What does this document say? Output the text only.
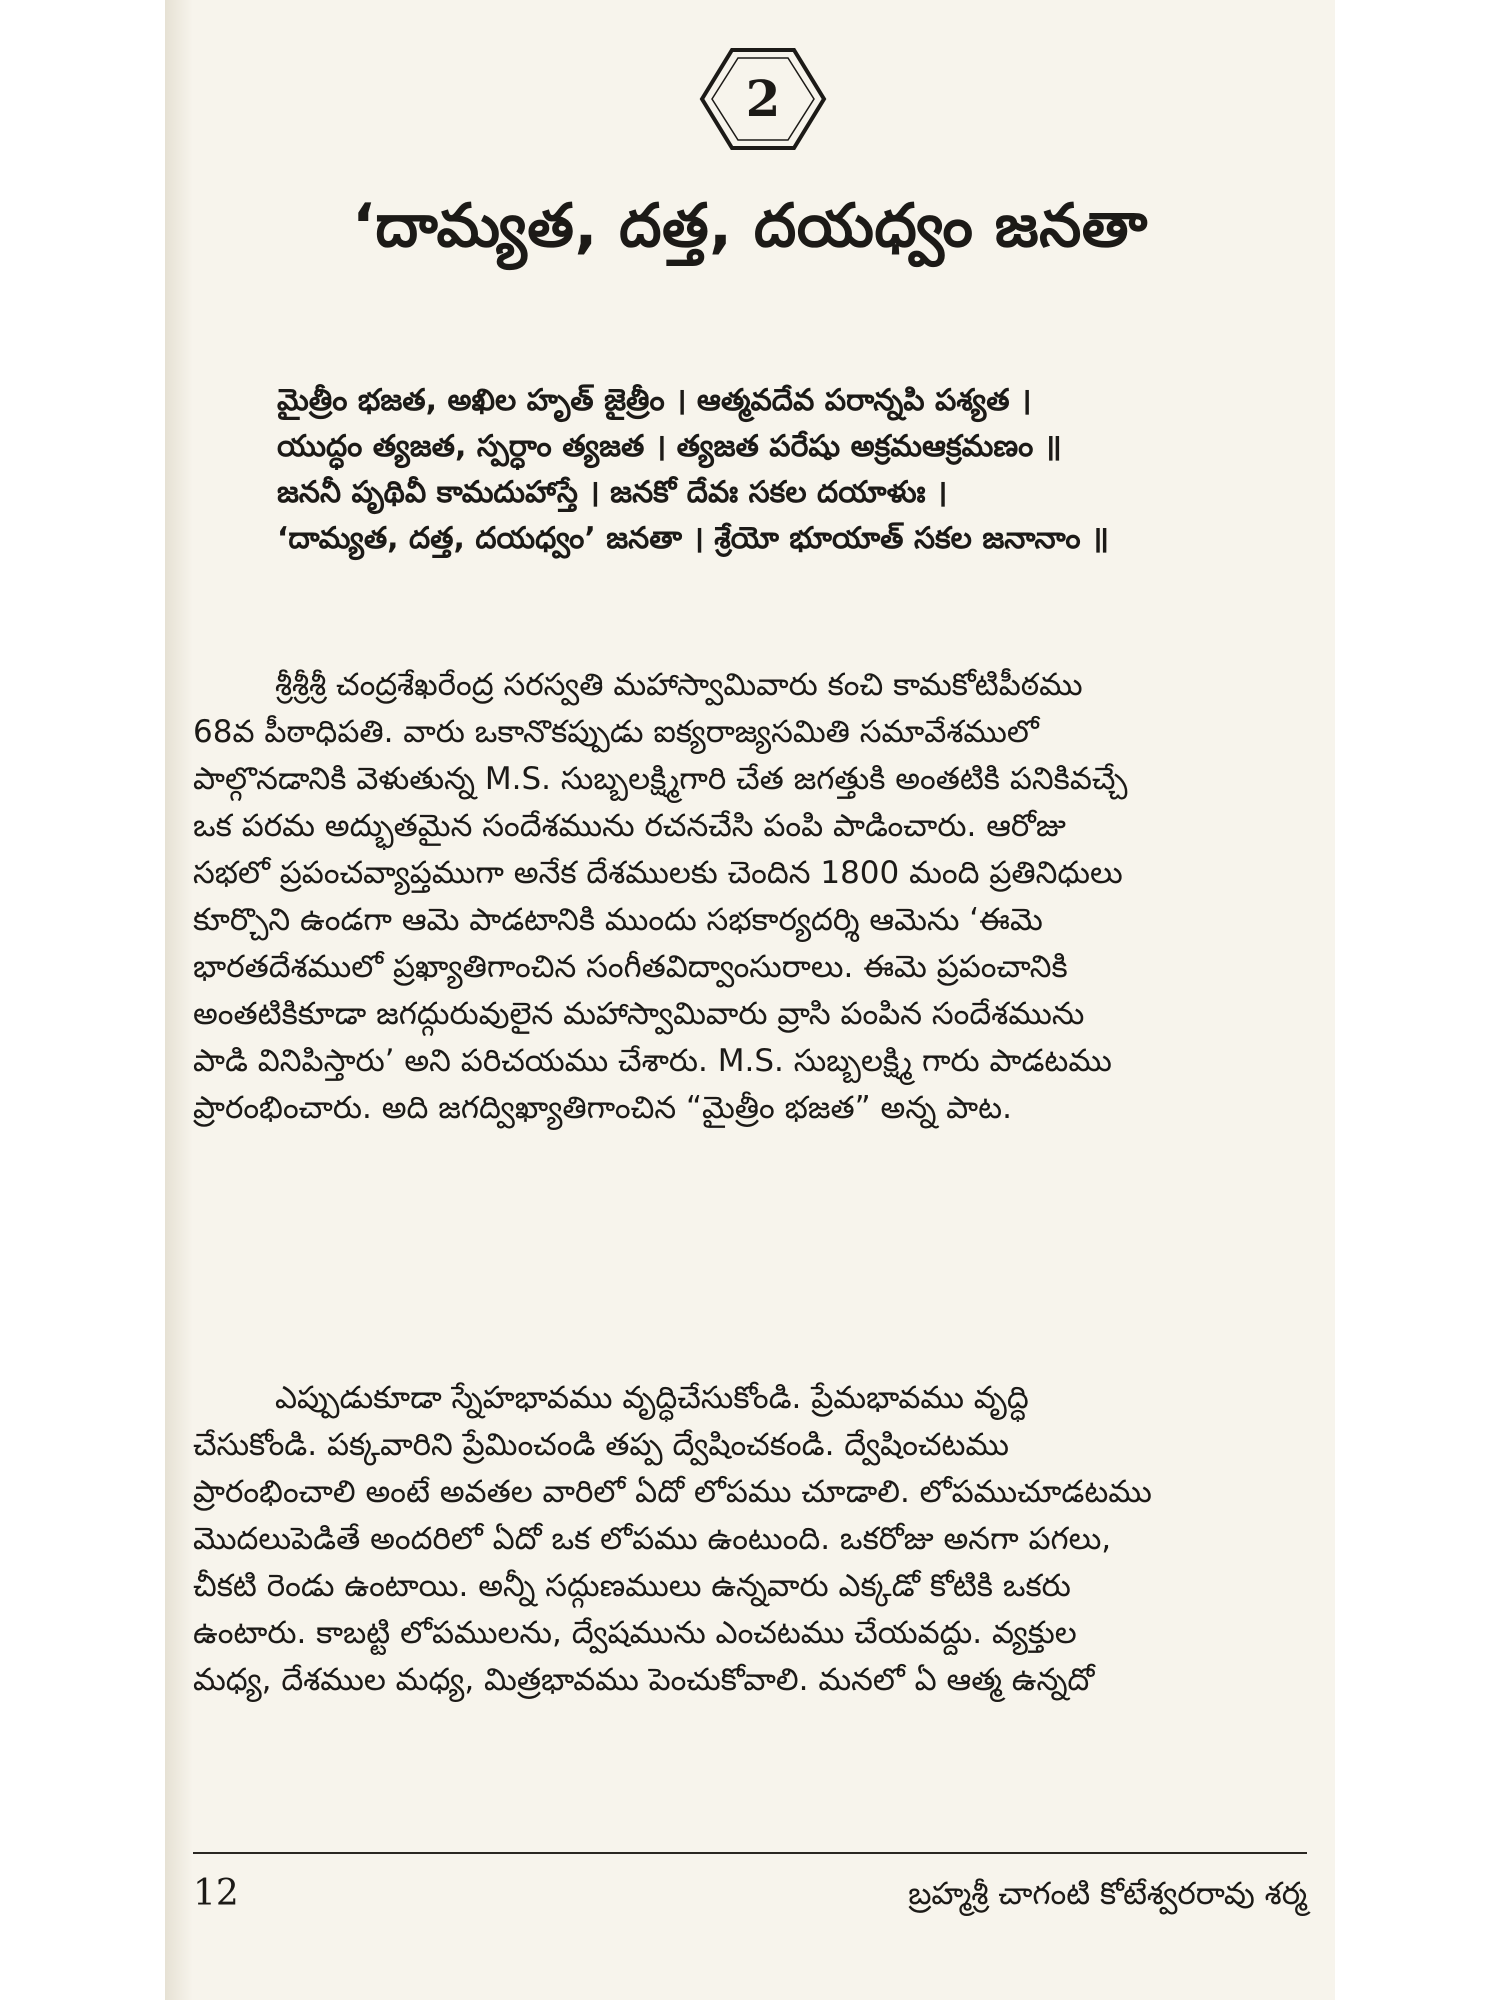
2
‘దామ్యత, దత్త, దయధ్వం జనతా
మైత్రీం భజత, అఖిల హృత్ జైత్రీం । ఆత్మవదేవ పరాన్నపి పశ్యత ।
యుద్ధం త్యజత, స్పర్ధాం త్యజత । త్యజత పరేషు అక్రమఆక్రమణం ॥
జననీ పృథివీ కామదుహాస్తే । జనకో దేవః సకల దయాళుః ।
‘దామ్యత, దత్త, దయధ్వం’ జనతా । శ్రేయో భూయాత్ సకల జనానాం ॥
శ్రీశ్రీశ్రీ చంద్రశేఖరేంద్ర సరస్వతి మహాస్వామివారు కంచి కామకోటిపీఠము
68వ పీఠాధిపతి. వారు ఒకానొకప్పుడు ఐక్యరాజ్యసమితి సమావేశములో
పాల్గొనడానికి వెళుతున్న M.S. సుబ్బలక్ష్మిగారి చేత జగత్తుకి అంతటికి పనికివచ్చే
ఒక పరమ అద్భుతమైన సందేశమును రచనచేసి పంపి పాడించారు. ఆరోజు
సభలో ప్రపంచవ్యాప్తముగా అనేక దేశములకు చెందిన 1800 మంది ప్రతినిధులు
కూర్చొని ఉండగా ఆమె పాడటానికి ముందు సభకార్యదర్శి ఆమెను ‘ఈమె
భారతదేశములో ప్రఖ్యాతిగాంచిన సంగీతవిద్వాంసురాలు. ఈమె ప్రపంచానికి
అంతటికికూడా జగద్గురువులైన మహాస్వామివారు వ్రాసి పంపిన సందేశమును
పాడి వినిపిస్తారు’ అని పరిచయము చేశారు. M.S. సుబ్బలక్ష్మి గారు పాడటము
ప్రారంభించారు. అది జగద్విఖ్యాతిగాంచిన “మైత్రీం భజత” అన్న పాట.
ఎప్పుడుకూడా స్నేహభావము వృద్ధిచేసుకోండి. ప్రేమభావము వృద్ధి
చేసుకోండి. పక్కవారిని ప్రేమించండి తప్ప ద్వేషించకండి. ద్వేషించటము
ప్రారంభించాలి అంటే అవతల వారిలో ఏదో లోపము చూడాలి. లోపముచూడటము
మొదలుపెడితే అందరిలో ఏదో ఒక లోపము ఉంటుంది. ఒకరోజు అనగా పగలు,
చీకటి రెండు ఉంటాయి. అన్నీ సద్గుణములు ఉన్నవారు ఎక్కడో కోటికి ఒకరు
ఉంటారు. కాబట్టి లోపములను, ద్వేషమును ఎంచటము చేయవద్దు. వ్యక్తుల
మధ్య, దేశముల మధ్య, మిత్రభావము పెంచుకోవాలి. మనలో ఏ ఆత్మ ఉన్నదో
12	బ్రహ్మశ్రీ చాగంటి కోటేశ్వరరావు శర్మ
